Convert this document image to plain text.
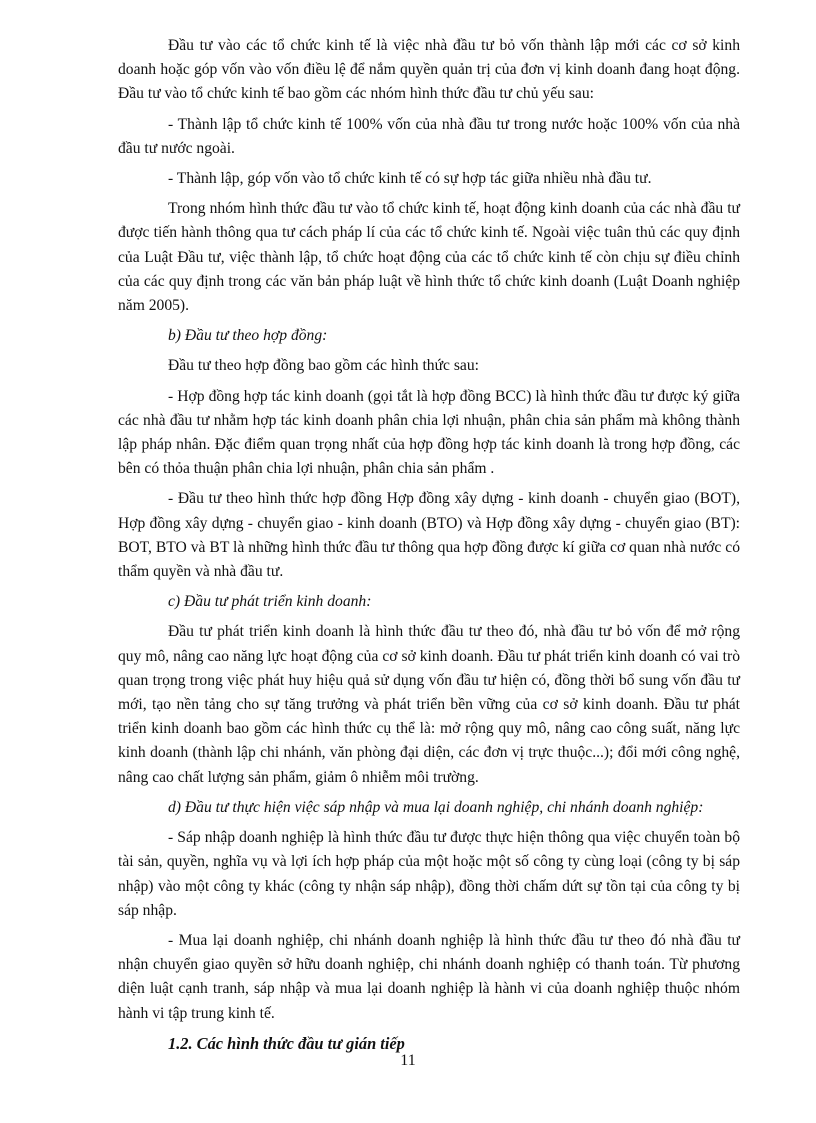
Đầu tư vào các tổ chức kinh tế là việc nhà đầu tư bỏ vốn thành lập mới các cơ sở kinh doanh hoặc góp vốn vào vốn điều lệ để nắm quyền quản trị của đơn vị kinh doanh đang hoạt động. Đầu tư vào tổ chức kinh tế bao gồm các nhóm hình thức đầu tư chủ yếu sau:

- Thành lập tổ chức kinh tế 100% vốn của nhà đầu tư trong nước hoặc 100% vốn của nhà đầu tư nước ngoài.

- Thành lập, góp vốn vào tổ chức kinh tế có sự hợp tác giữa nhiều nhà đầu tư.

Trong nhóm hình thức đầu tư vào tổ chức kinh tế, hoạt động kinh doanh của các nhà đầu tư được tiến hành thông qua tư cách pháp lí của các tổ chức kinh tế. Ngoài việc tuân thủ các quy định của Luật Đầu tư, việc thành lập, tổ chức hoạt động của các tổ chức kinh tế còn chịu sự điều chỉnh của các quy định trong các văn bản pháp luật về hình thức tổ chức kinh doanh (Luật Doanh nghiệp năm 2005).

b) Đầu tư theo hợp đồng:

Đầu tư theo hợp đồng bao gồm các hình thức sau:

- Hợp đồng hợp tác kinh doanh (gọi tắt là hợp đồng BCC) là hình thức đầu tư được ký giữa các nhà đầu tư nhằm hợp tác kinh doanh phân chia lợi nhuận, phân chia sản phẩm mà không thành lập pháp nhân. Đặc điểm quan trọng nhất của hợp đồng hợp tác kinh doanh là trong hợp đồng, các bên có thỏa thuận phân chia lợi nhuận, phân chia sản phẩm .

- Đầu tư theo hình thức hợp đồng Hợp đồng xây dựng - kinh doanh - chuyển giao (BOT), Hợp đồng xây dựng - chuyển giao - kinh doanh (BTO) và Hợp đồng xây dựng - chuyển giao (BT): BOT, BTO và BT là những hình thức đầu tư thông qua hợp đồng được kí giữa cơ quan nhà nước có thẩm quyền và nhà đầu tư.

c) Đầu tư phát triển kinh doanh:

Đầu tư phát triển kinh doanh là hình thức đầu tư theo đó, nhà đầu tư bỏ vốn để mở rộng quy mô, nâng cao năng lực hoạt động của cơ sở kinh doanh. Đầu tư phát triển kinh doanh có vai trò quan trọng trong việc phát huy hiệu quả sử dụng vốn đầu tư hiện có, đồng thời bổ sung vốn đầu tư mới, tạo nền tảng cho sự tăng trưởng và phát triển bền vững của cơ sở kinh doanh. Đầu tư phát triển kinh doanh bao gồm các hình thức cụ thể là: mở rộng quy mô, nâng cao công suất, năng lực kinh doanh (thành lập chi nhánh, văn phòng đại diện, các đơn vị trực thuộc...); đổi mới công nghệ, nâng cao chất lượng sản phẩm, giảm ô nhiễm môi trường.

d) Đầu tư thực hiện việc sáp nhập và mua lại doanh nghiệp, chi nhánh doanh nghiệp:

- Sáp nhập doanh nghiệp là hình thức đầu tư được thực hiện thông qua việc chuyển toàn bộ tài sản, quyền, nghĩa vụ và lợi ích hợp pháp của một hoặc một số công ty cùng loại (công ty bị sáp nhập) vào một công ty khác (công ty nhận sáp nhập), đồng thời chấm dứt sự tồn tại của công ty bị sáp nhập.

- Mua lại doanh nghiệp, chi nhánh doanh nghiệp là hình thức đầu tư theo đó nhà đầu tư nhận chuyển giao quyền sở hữu doanh nghiệp, chi nhánh doanh nghiệp có thanh toán. Từ phương diện luật cạnh tranh, sáp nhập và mua lại doanh nghiệp là hành vi của doanh nghiệp thuộc nhóm hành vi tập trung kinh tế.

1.2. Các hình thức đầu tư gián tiếp

11
